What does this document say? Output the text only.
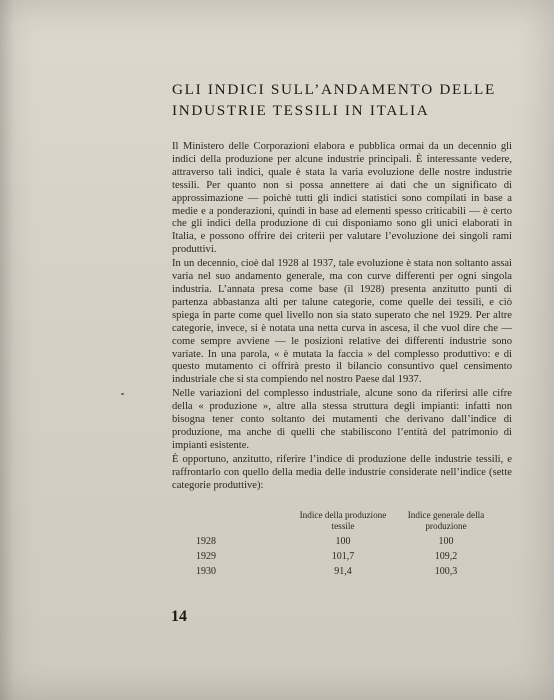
GLI INDICI SULL’ANDAMENTO DELLE
INDUSTRIE TESSILI IN ITALIA

Il Ministero delle Corporazioni elabora e pubblica ormai da un decennio gli indici della produzione per alcune industrie principali. È interessante vedere, attraverso tali indici, quale è stata la varia evoluzione delle nostre industrie tessili. Per quanto non si possa annettere ai dati che un significato di approssimazione — poichè tutti gli indici statistici sono compilati in base a medie e a ponderazioni, quindi in base ad elementi spesso criticabili — è certo che gli indici della produzione di cui disponiamo sono gli unici elaborati in Italia, e possono offrire dei criterii per valutare l’evoluzione dei singoli rami produttivi.

In un decennio, cioè dal 1928 al 1937, tale evoluzione è stata non soltanto assai varia nel suo andamento generale, ma con curve differenti per ogni singola industria. L’annata presa come base (il 1928) presenta anzitutto punti di partenza abbastanza alti per talune categorie, come quelle dei tessili, e ciò spiega in parte come quel livello non sia stato superato che nel 1929. Per altre categorie, invece, si è notata una netta curva in ascesa, il che vuol dire che — come sempre avviene — le posizioni relative dei differenti industrie sono variate. In una parola, « è mutata la faccia » del complesso produttivo: e di questo mutamento ci offrirà presto il bilancio consuntivo quel censimento industriale che si sta compiendo nel nostro Paese dal 1937.

Nelle variazioni del complesso industriale, alcune sono da riferirsi alle cifre della « produzione », altre alla stessa struttura degli impianti: infatti non bisogna tener conto soltanto dei mutamenti che derivano dall’indice di produzione, ma anche di quelli che stabiliscono l’entità del patrimonio di impianti esistente.

È opportuno, anzitutto, riferire l’indice di produzione delle industrie tessili, e raffrontarlo con quello della media delle industrie considerate nell’indice (sette categorie produttive):

	Indice della produzione tessile	Indice generale della produzione
1928	100	100
1929	101,7	109,2
1930	91,4	100,3
14
